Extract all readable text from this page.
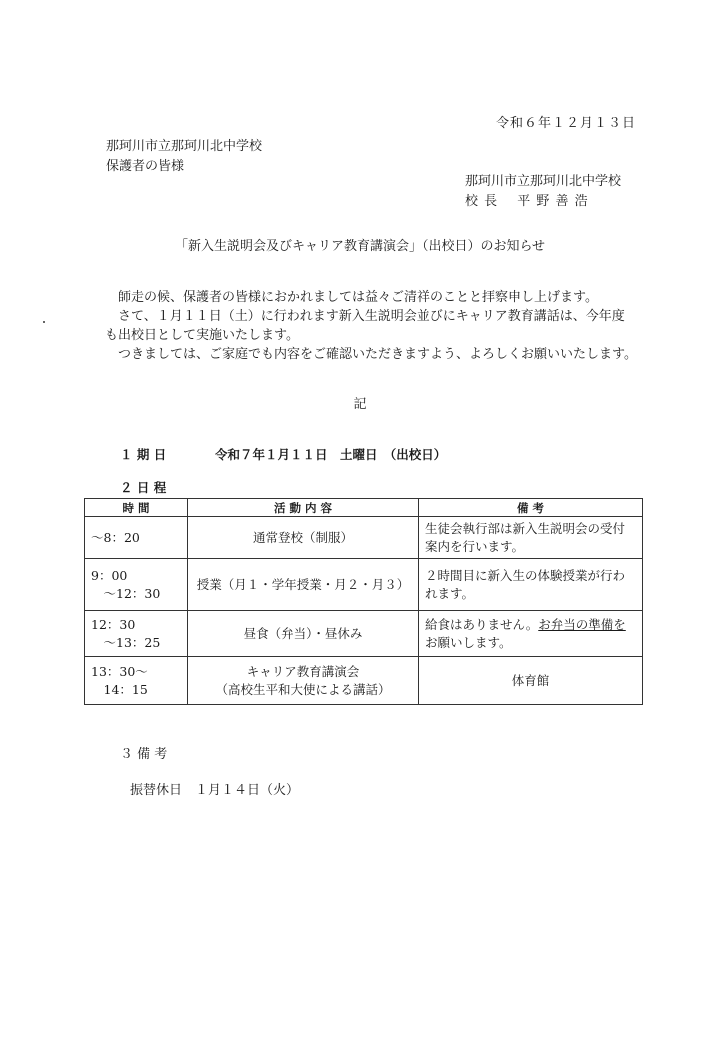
令和６年１２月１３日
那珂川市立那珂川北中学校
保護者の皆様
那珂川市立那珂川北中学校
校 長　 平 野 善 浩
「新入生説明会及びキャリア教育講演会」（出校日）のお知らせ

　師走の候、保護者の皆様におかれましては益々ご清祥のことと拝察申し上げます。

　さて、１月１１日（土）に行われます新入生説明会並びにキャリア教育講話は、今年度

も出校日として実施いたします。

　つきましては、ご家庭でも内容をご確認いただきますよう、よろしくお願いいたします。

記
１ 期 日	令和７年１月１１日　土曜日　（出校日）
２ 日 程
時 間	活 動 内 容	備 考

～8：20	通常登校（制服）	生徒会執行部は新入生説明会の受付
案内を行います。

9：00
　～12：30	授業（月１・学年授業・月２・月３）	２時間目に新入生の体験授業が行わ
れます。

12：30
　～13：25	昼食（弁当）・昼休み	給食はありません。お弁当の準備を
お願いします。

13：30～
　14：15	キャリア教育講演会
（高校生平和大使による講話）	体育館
３ 備 考
振替休日　１月１４日（火）
